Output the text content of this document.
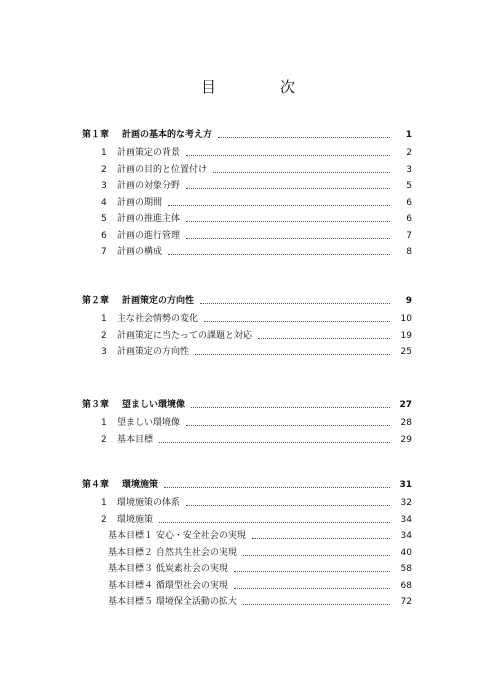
目	次
第１章 計画の基本的な考え方	1
1 計画策定の背景	2
2 計画の目的と位置付け	3
3 計画の対象分野	5
4 計画の期間	6
5 計画の推進主体	6
6 計画の進行管理	7
7 計画の構成	8
第２章 計画策定の方向性	9
1 主な社会情勢の変化	10
2 計画策定に当たっての課題と対応	19
3 計画策定の方向性	25
第３章 望ましい環境像	27
1 望ましい環境像	28
2 基本目標	29
第４章 環境施策	31
1 環境施策の体系	32
2 環境施策	34
基本目標１ 安心・安全社会の実現	34
基本目標２ 自然共生社会の実現	40
基本目標３ 低炭素社会の実現	58
基本目標４ 循環型社会の実現	68
基本目標５ 環境保全活動の拡大	72
